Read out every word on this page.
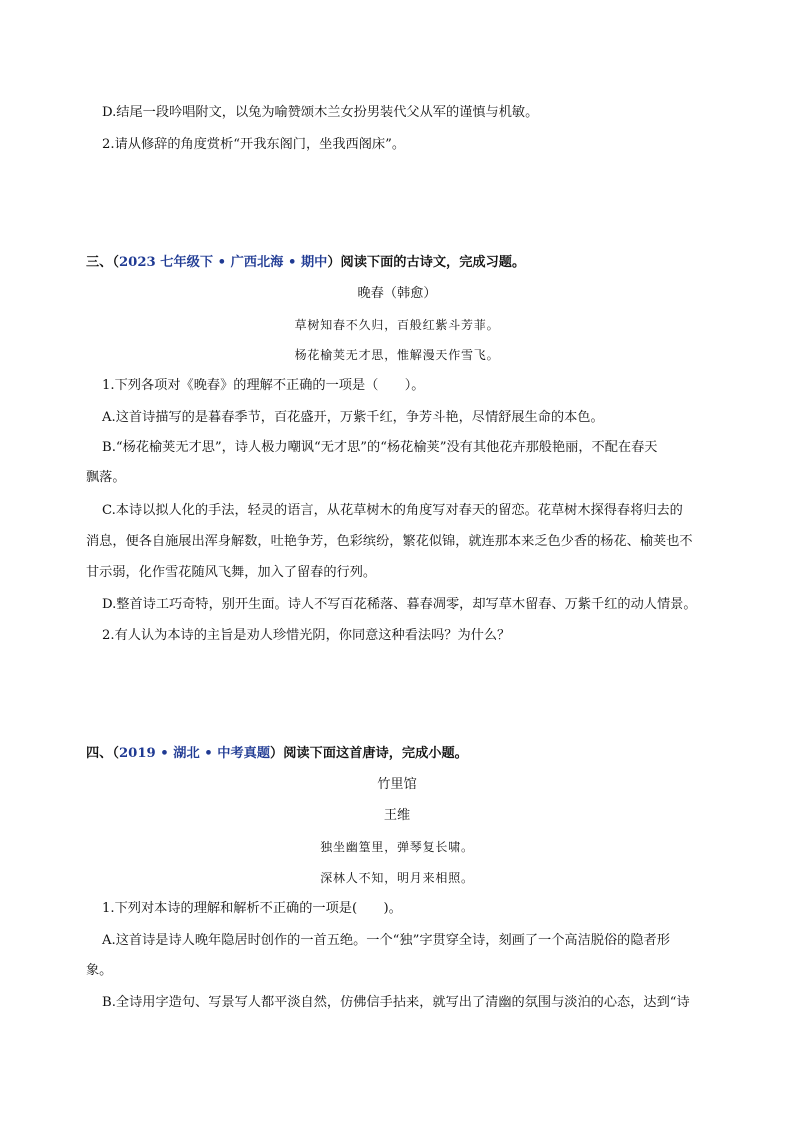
D.结尾一段吟唱附文，以兔为喻赞颂木兰女扮男装代父从军的谨慎与机敏。
2.请从修辞的角度赏析“开我东阁门，坐我西阁床”。
三、（2023 七年级下 • 广西北海 • 期中）阅读下面的古诗文，完成习题。
晚春（韩愈）
草树知春不久归，百般红紫斗芳菲。
杨花榆荚无才思，惟解漫天作雪飞。
1.下列各项对《晚春》的理解不正确的一项是（　　）。
A.这首诗描写的是暮春季节，百花盛开，万紫千红，争芳斗艳，尽情舒展生命的本色。
B.“杨花榆荚无才思”，诗人极力嘲讽“无才思”的“杨花榆荚”没有其他花卉那般艳丽，不配在春天
飘落。
C.本诗以拟人化的手法，轻灵的语言，从花草树木的角度写对春天的留恋。花草树木探得春将归去的
消息，便各自施展出浑身解数，吐艳争芳，色彩缤纷，繁花似锦，就连那本来乏色少香的杨花、榆荚也不
甘示弱，化作雪花随风飞舞，加入了留春的行列。
D.整首诗工巧奇特，别开生面。诗人不写百花稀落、暮春凋零，却写草木留春、万紫千红的动人情景。
2.有人认为本诗的主旨是劝人珍惜光阴，你同意这种看法吗？为什么？
四、（2019 • 湖北 • 中考真题）阅读下面这首唐诗，完成小题。
竹里馆
王维
独坐幽篁里，弹琴复长啸。
深林人不知，明月来相照。
1.下列对本诗的理解和解析不正确的一项是(　　)。
A.这首诗是诗人晚年隐居时创作的一首五绝。一个“独”字贯穿全诗，刻画了一个高洁脱俗的隐者形
象。
B.全诗用字造句、写景写人都平淡自然，仿佛信手拈来，就写出了清幽的氛围与淡泊的心态，达到“诗
